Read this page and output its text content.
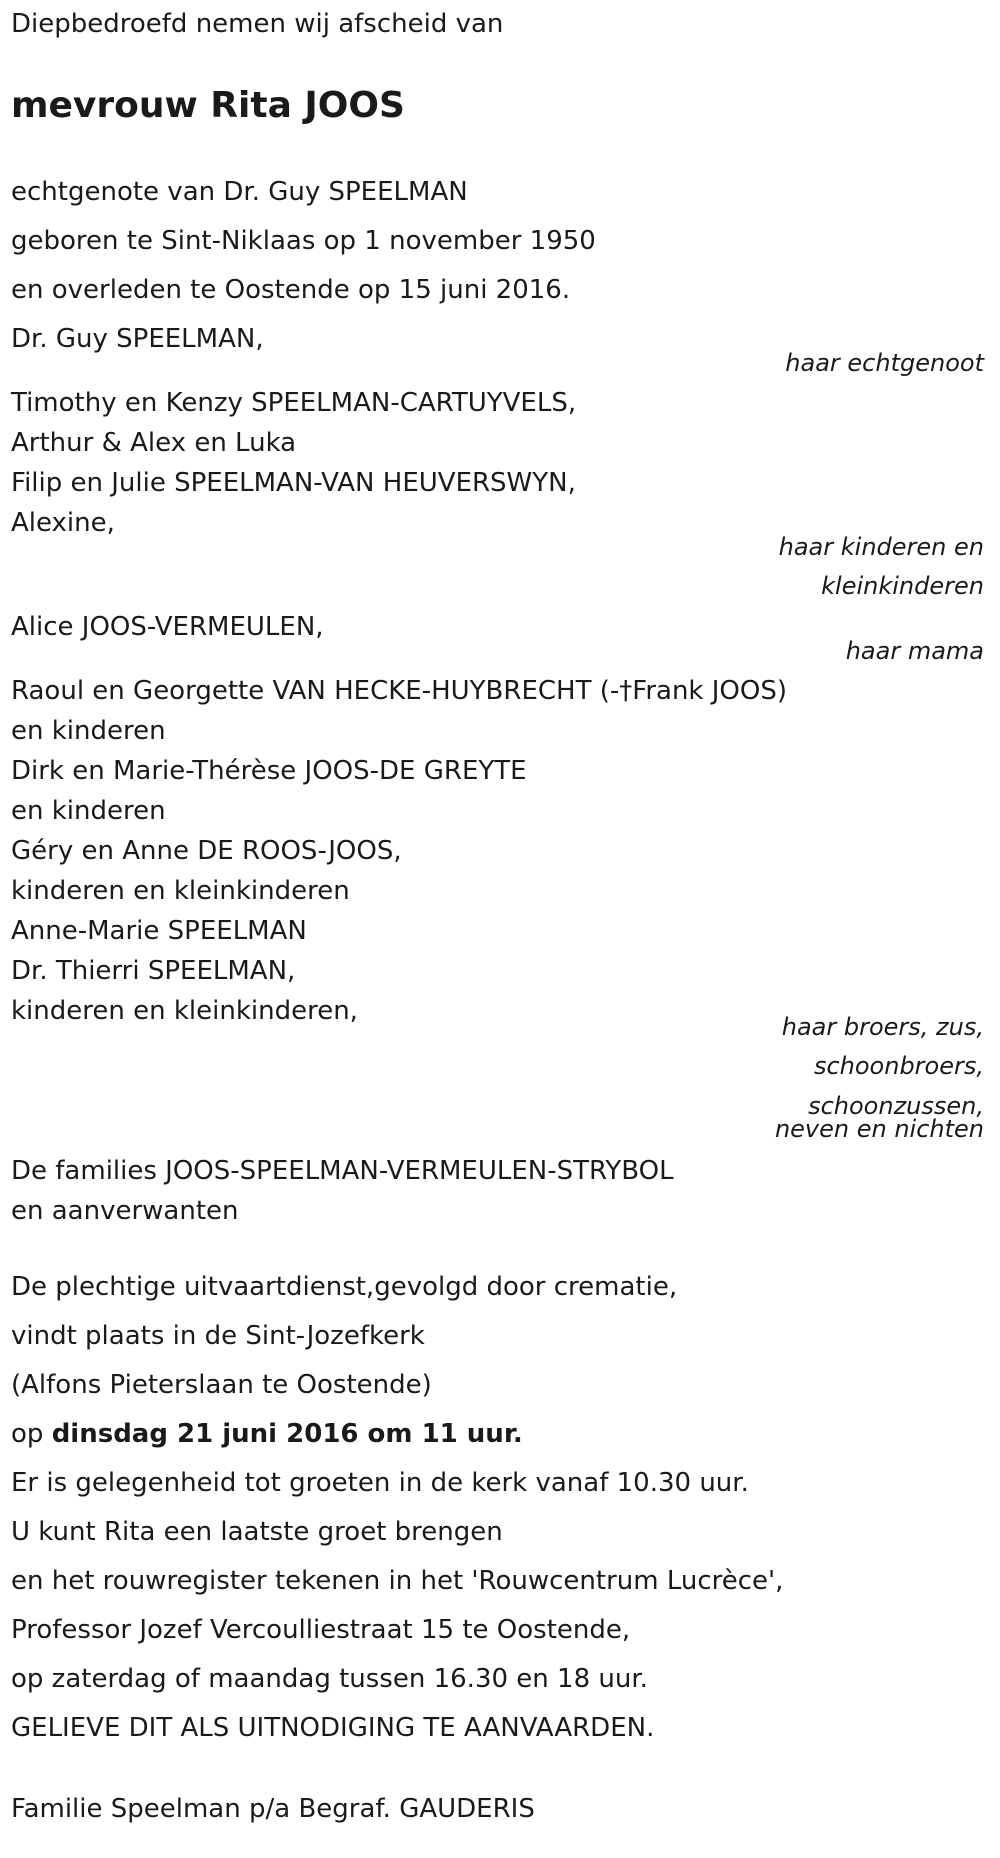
Diepbedroefd nemen wij afscheid van
mevrouw Rita JOOS
echtgenote van Dr. Guy SPEELMAN
geboren te Sint-Niklaas op 1 november 1950
en overleden te Oostende op 15 juni 2016.
Dr. Guy SPEELMAN,
haar echtgenoot
Timothy en Kenzy SPEELMAN-CARTUYVELS,
Arthur & Alex en Luka
Filip en Julie SPEELMAN-VAN HEUVERSWYN,
Alexine,
haar kinderen en
kleinkinderen
Alice JOOS-VERMEULEN,
haar mama
Raoul en Georgette VAN HECKE-HUYBRECHT (-†Frank JOOS)
en kinderen
Dirk en Marie-Thérèse JOOS-DE GREYTE
en kinderen
Géry en Anne DE ROOS-JOOS,
kinderen en kleinkinderen
Anne-Marie SPEELMAN
Dr. Thierri SPEELMAN,
kinderen en kleinkinderen,
haar broers, zus,
schoonbroers,
schoonzussen,
neven en nichten
De families JOOS-SPEELMAN-VERMEULEN-STRYBOL
en aanverwanten
De plechtige uitvaartdienst,gevolgd door crematie,
vindt plaats in de Sint-Jozefkerk
(Alfons Pieterslaan te Oostende)
op dinsdag 21 juni 2016 om 11 uur.
Er is gelegenheid tot groeten in de kerk vanaf 10.30 uur.
U kunt Rita een laatste groet brengen
en het rouwregister tekenen in het 'Rouwcentrum Lucrèce',
Professor Jozef Vercoulliestraat 15 te Oostende,
op zaterdag of maandag tussen 16.30 en 18 uur.
GELIEVE DIT ALS UITNODIGING TE AANVAARDEN.
Familie Speelman p/a Begraf. GAUDERIS
